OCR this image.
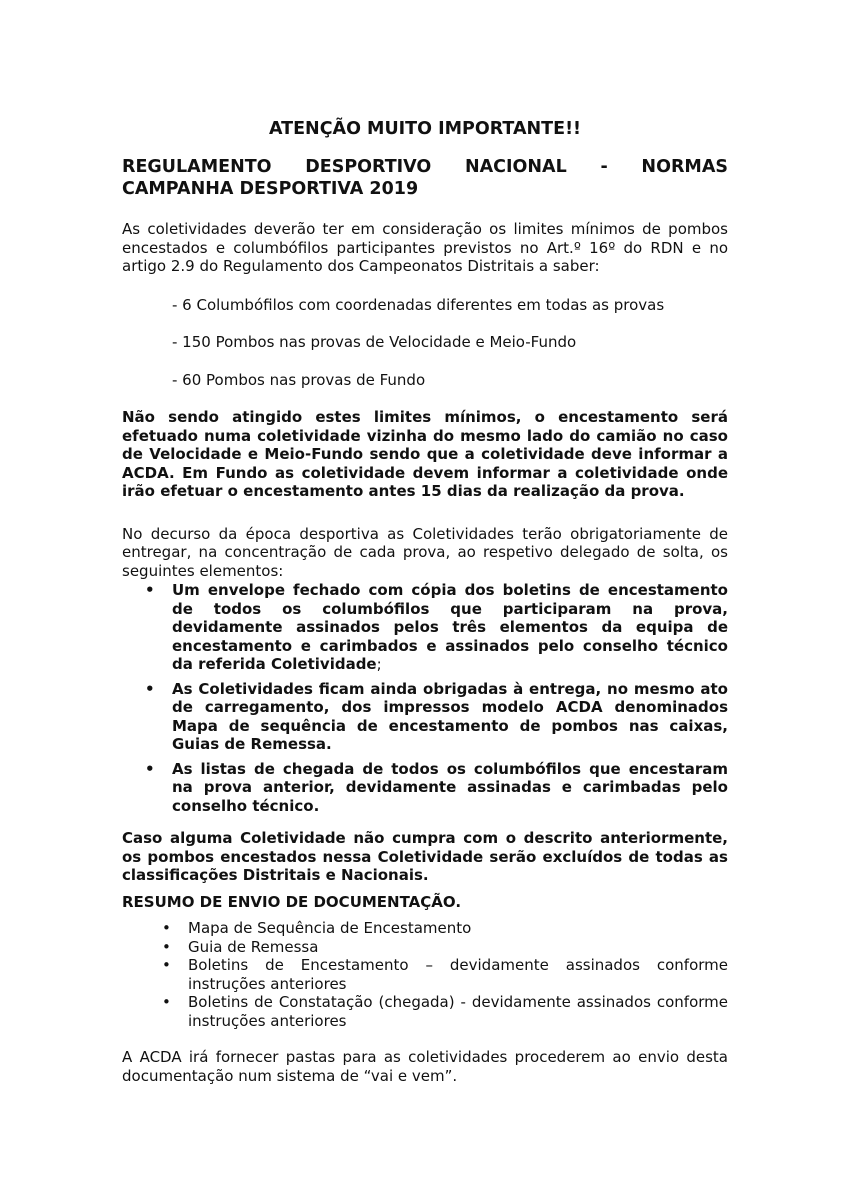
ATENÇÃO MUITO IMPORTANTE!!
REGULAMENTO DESPORTIVO NACIONAL - NORMAS
CAMPANHA DESPORTIVA 2019

As coletividades deverão ter em consideração os limites mínimos de pombos encestados e columbófilos participantes previstos no Art.º 16º do RDN e no artigo 2.9 do Regulamento dos Campeonatos Distritais a saber:

- 6 Columbófilos com coordenadas diferentes em todas as provas
- 150 Pombos nas provas de Velocidade e Meio-Fundo
- 60 Pombos nas provas de Fundo

Não sendo atingido estes limites mínimos, o encestamento será efetuado numa coletividade vizinha do mesmo lado do camião no caso de Velocidade e Meio-Fundo sendo que a coletividade deve informar a ACDA. Em Fundo as coletividade devem informar a coletividade onde irão efetuar o encestamento antes 15 dias da realização da prova.

No decurso da época desportiva as Coletividades terão obrigatoriamente de entregar, na concentração de cada prova, ao respetivo delegado de solta, os seguintes elementos:

• Um envelope fechado com cópia dos boletins de encestamento de todos os columbófilos que participaram na prova, devidamente assinados pelos três elementos da equipa de encestamento e carimbados e assinados pelo conselho técnico da referida Coletividade;
• As Coletividades ficam ainda obrigadas à entrega, no mesmo ato de carregamento, dos impressos modelo ACDA denominados Mapa de sequência de encestamento de pombos nas caixas, Guias de Remessa.
• As listas de chegada de todos os columbófilos que encestaram na prova anterior, devidamente assinadas e carimbadas pelo conselho técnico.

Caso alguma Coletividade não cumpra com o descrito anteriormente, os pombos encestados nessa Coletividade serão excluídos de todas as classificações Distritais e Nacionais.

RESUMO DE ENVIO DE DOCUMENTAÇÃO.

• Mapa de Sequência de Encestamento
• Guia de Remessa
• Boletins de Encestamento – devidamente assinados conforme instruções anteriores
• Boletins de Constatação (chegada) - devidamente assinados conforme instruções anteriores

A ACDA irá fornecer pastas para as coletividades procederem ao envio desta documentação num sistema de “vai e vem”.
